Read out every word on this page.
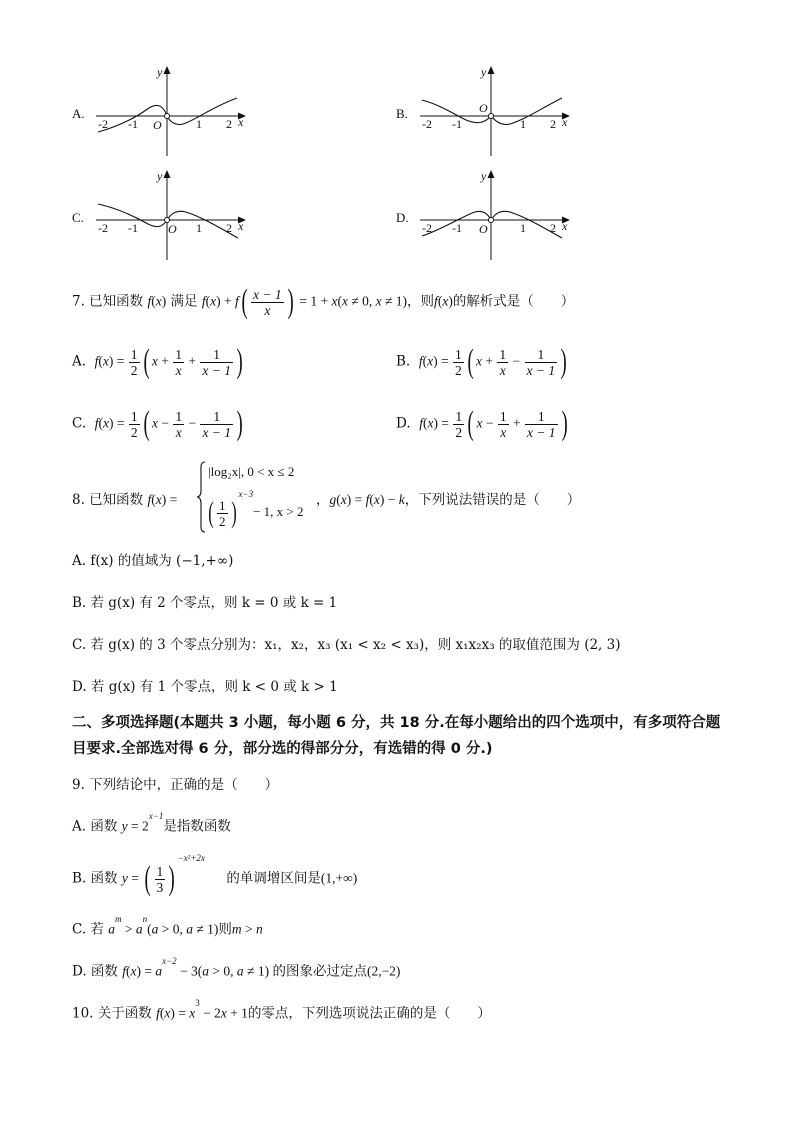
A.
y
x
O
-2 -1	1 2
B.
y
x
O
-2 -1	1 2
C.
y
x
O
-2 -1	1 2
D.
y
x
O
-2 -1	1 2
7. 已知函数 f(x) 满足 $f(x) + f( \frac{x - 1}{x}$ ) = 1 + x(x ≠ 0, x ≠ 1)，则f(x)的解析式是（　　）
A. $f(x) = \frac{1}{2}$ ( $x + \frac{1}{x} + \frac{1}{x - 1}$ )	B. $f(x) = \frac{1}{2}$ ( $x + \frac{1}{x} - \frac{1}{x - 1}$ )
C. $f(x) = \frac{1}{2}$ ( $x - \frac{1}{x} - \frac{1}{x - 1}$ )	D. $f(x) = \frac{1}{2}$ ( $x - \frac{1}{x} + \frac{1}{x - 1}$ )
8. 已知函数 f(x) =
|log₂x|, 0 < x ≤ 2
( $\frac{1}{2} )^{x-3}- 1$, x > 2
，g(x) = f(x) − k，下列说法错误的是（　　）
A. f(x) 的值域为 (−1,+∞)
B. 若 g(x) 有 2 个零点，则 k = 0 或 k = 1
C. 若 g(x) 的 3 个零点分别为：x₁，x₂，x₃ (x₁ < x₂ < x₃)，则 x₁x₂x₃ 的取值范围为 (2, 3)
D. 若 g(x) 有 1 个零点，则 k < 0 或 k > 1
二、多项选择题(本题共 3 小题，每小题 6 分，共 18 分.在每小题给出的四个选项中，有多项符合题目要求.全部选对得 6 分，部分选的得部分分，有选错的得 0 分.)
9. 下列结论中，正确的是（　　）
A. 函数 $y = 2^{x-1}$是指数函数
B. 函数 y = ( $\frac{1}{3} )^{-x^2+2x}$     的单调增区间是(1,+∞)
C. 若 $a^m > a^n(a > 0$, a ≠ 1)则m > n
D. 函数 $f(x) = a^{x-2} - 3(a > 0$, a ≠ 1) 的图象必过定点(2,−2)
10. 关于函数 $f(x) = x^3 - 2x + 1$的零点，下列选项说法正确的是（　　）
